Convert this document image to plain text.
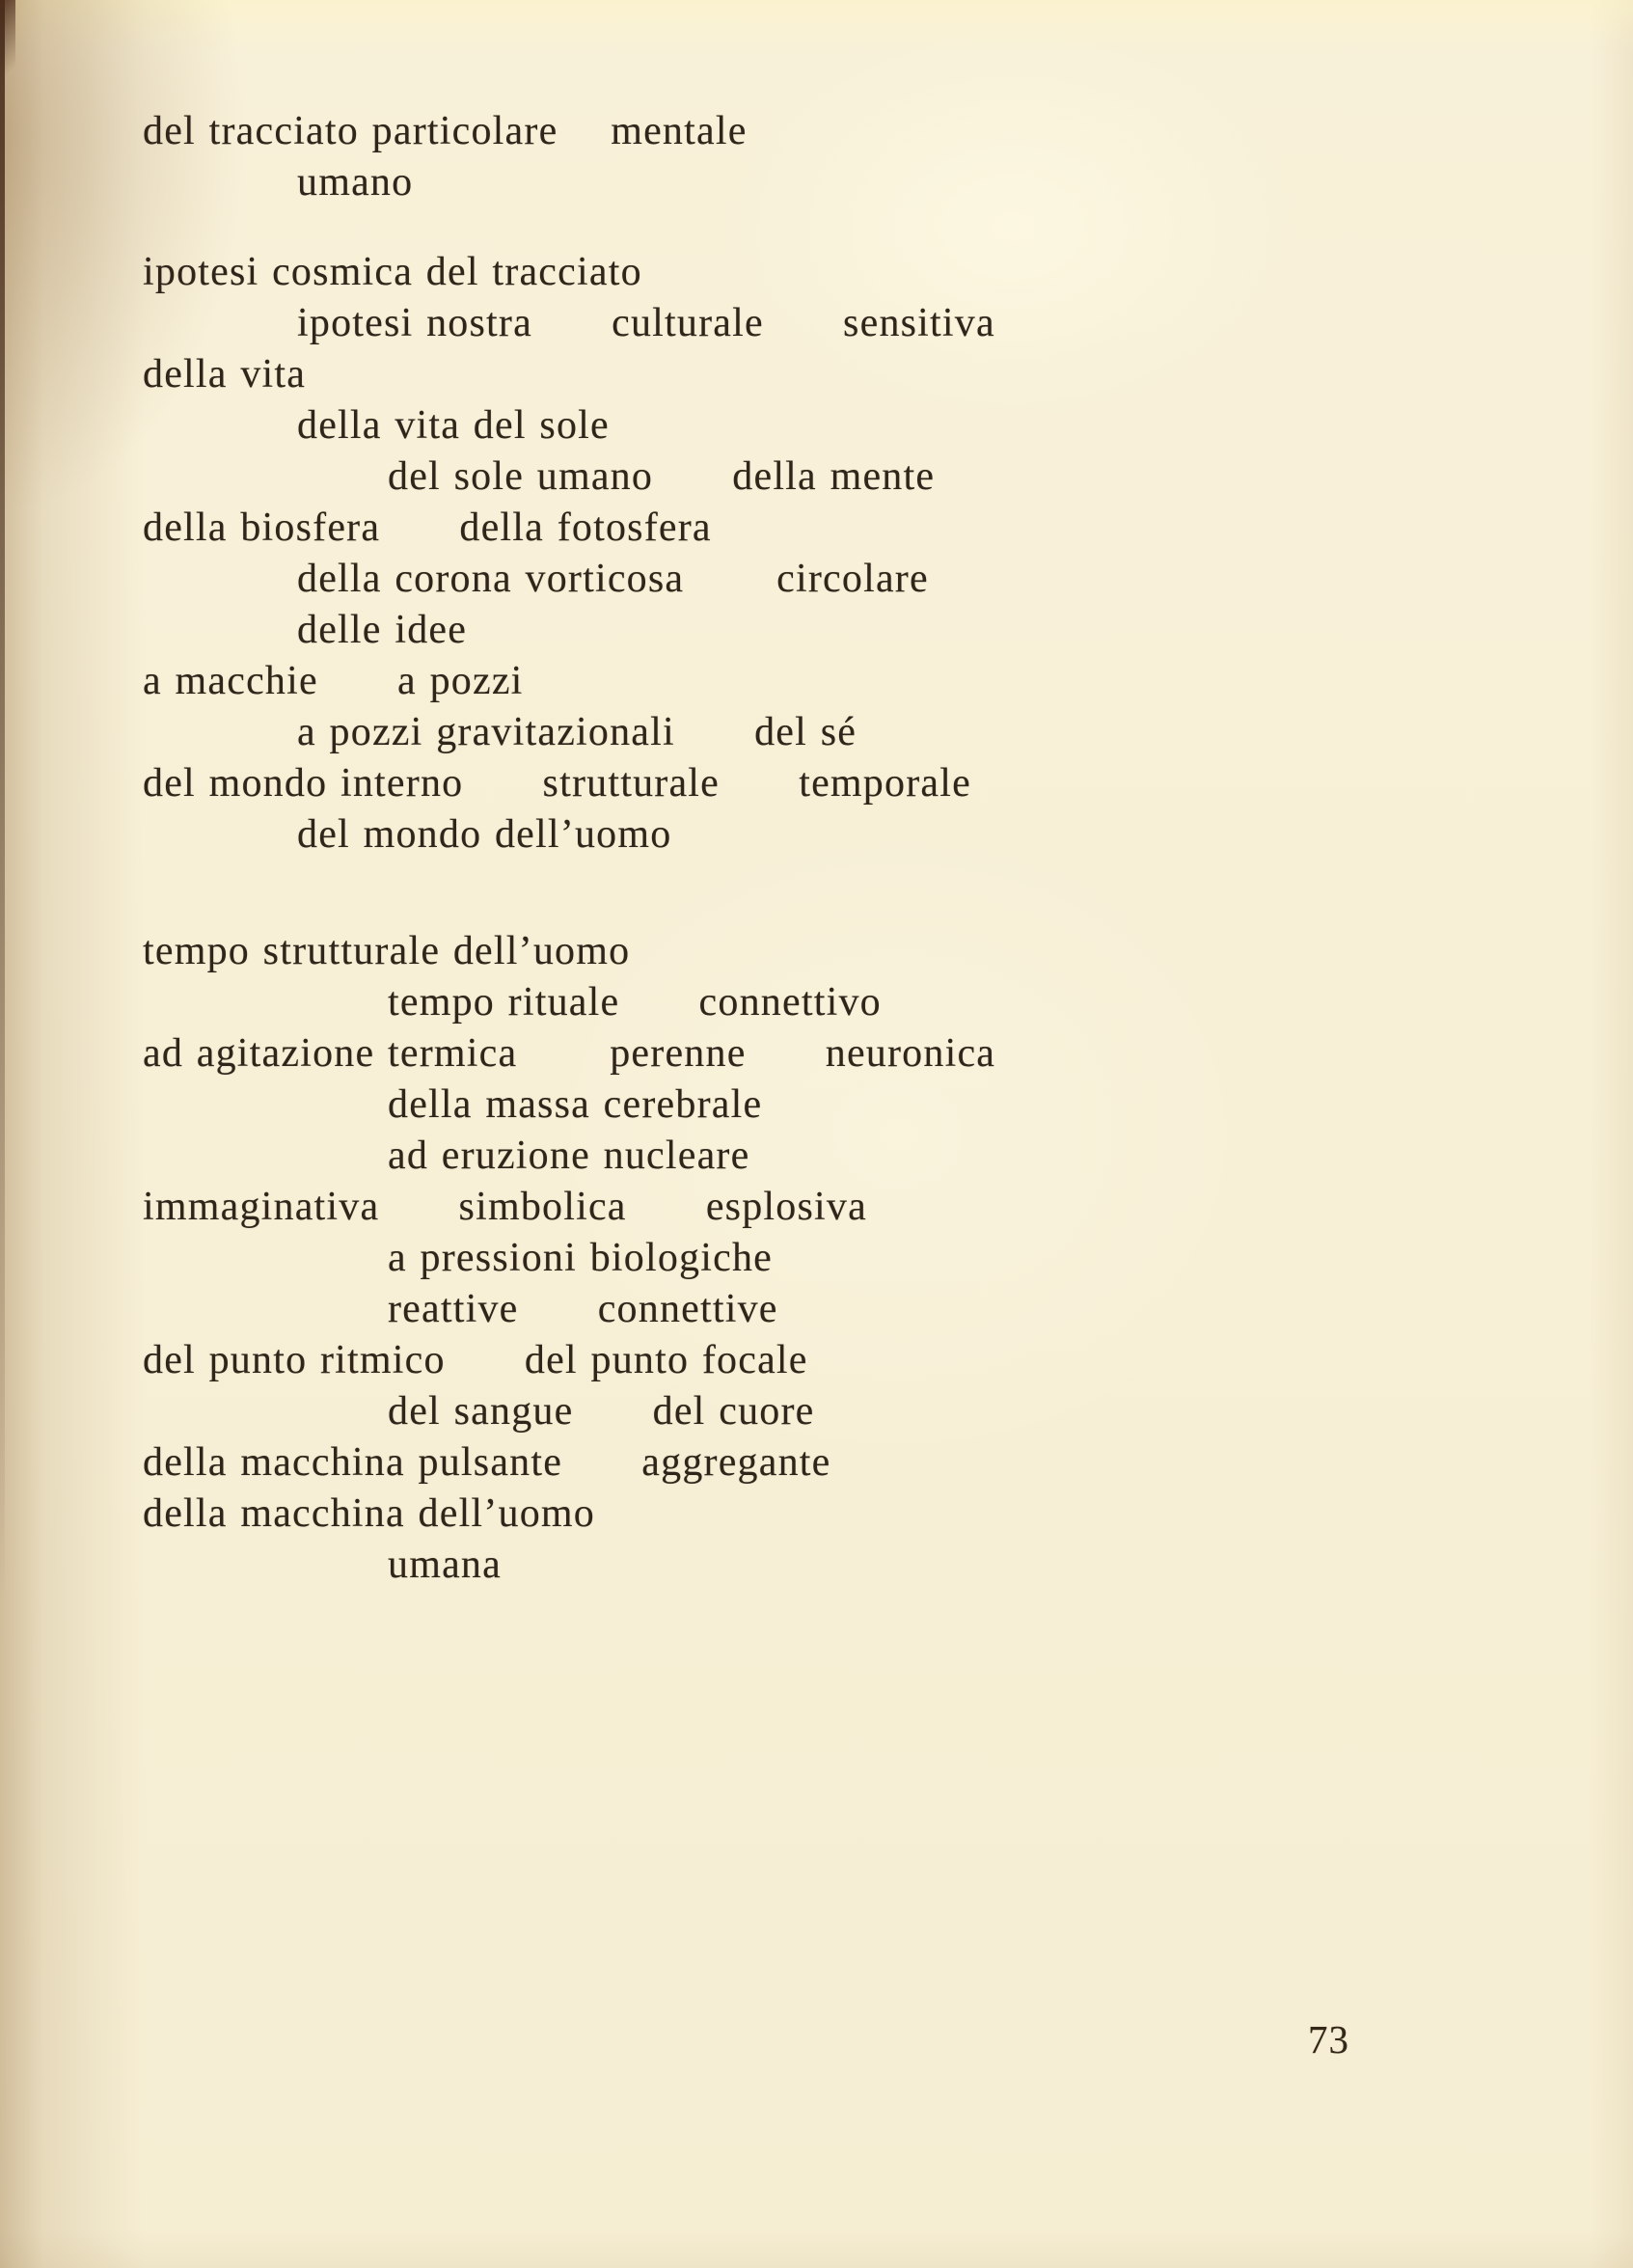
del tracciato particolare    mentale
umano
ipotesi cosmica del tracciato
ipotesi nostra      culturale      sensitiva
della vita
della vita del sole
del sole umano      della mente
della biosfera      della fotosfera
della corona vorticosa       circolare
delle idee
a macchie      a pozzi
a pozzi gravitazionali      del sé
del mondo interno      strutturale      temporale
del mondo dell’uomo
tempo strutturale dell’uomo
tempo rituale      connettivo
ad agitazione termica       perenne      neuronica
della massa cerebrale
ad eruzione nucleare
immaginativa      simbolica      esplosiva
a pressioni biologiche
reattive      connettive
del punto ritmico      del punto focale
del sangue      del cuore
della macchina pulsante      aggregante
della macchina dell’uomo
umana
73
